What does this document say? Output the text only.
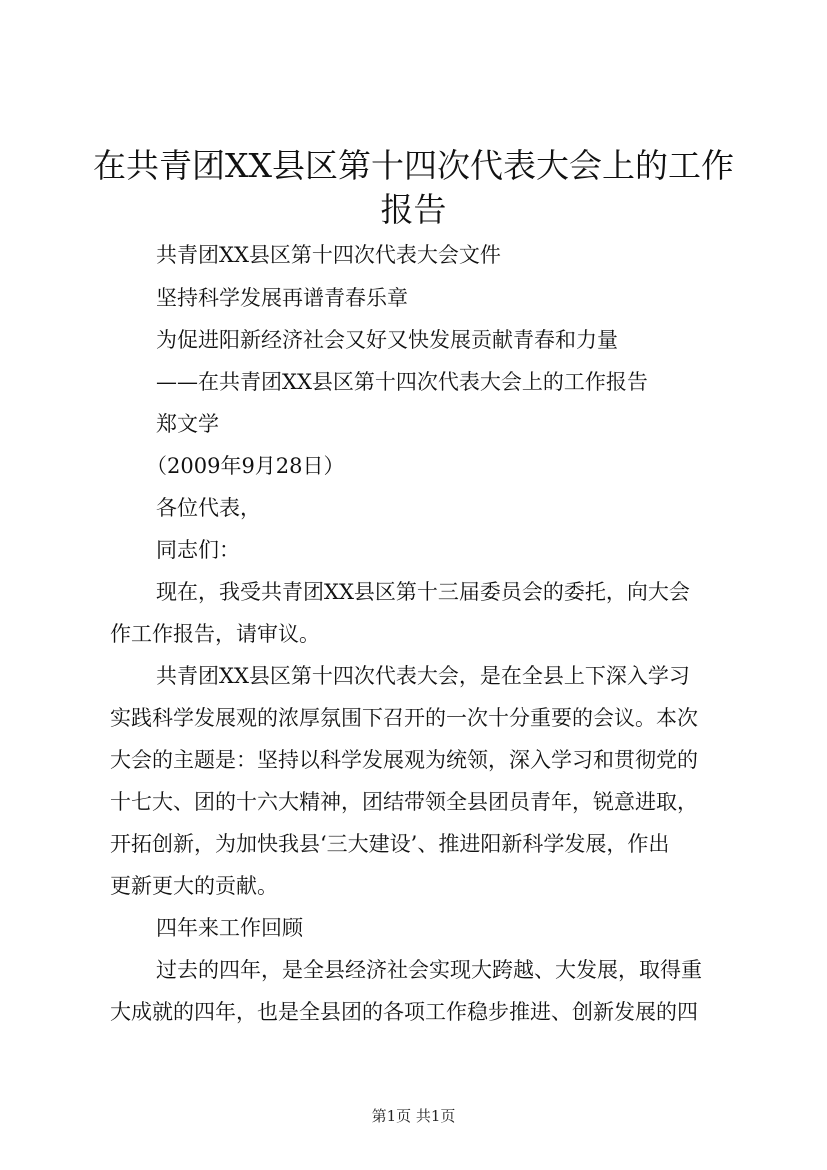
在共青团XX县区第十四次代表大会上的工作
报告

共青团XX县区第十四次代表大会文件

坚持科学发展再谱青春乐章

为促进阳新经济社会又好又快发展贡献青春和力量

——在共青团XX县区第十四次代表大会上的工作报告

郑文学

（2009年9月28日）

各位代表，

同志们：

现在，我受共青团XX县区第十三届委员会的委托，向大会

作工作报告，请审议。

共青团XX县区第十四次代表大会，是在全县上下深入学习

实践科学发展观的浓厚氛围下召开的一次十分重要的会议。本次

大会的主题是：坚持以科学发展观为统领，深入学习和贯彻党的

十七大、团的十六大精神，团结带领全县团员青年，锐意进取，

开拓创新，为加快我县‘三大建设’、推进阳新科学发展，作出

更新更大的贡献。

四年来工作回顾

过去的四年，是全县经济社会实现大跨越、大发展，取得重

大成就的四年，也是全县团的各项工作稳步推进、创新发展的四

第1页 共1页
